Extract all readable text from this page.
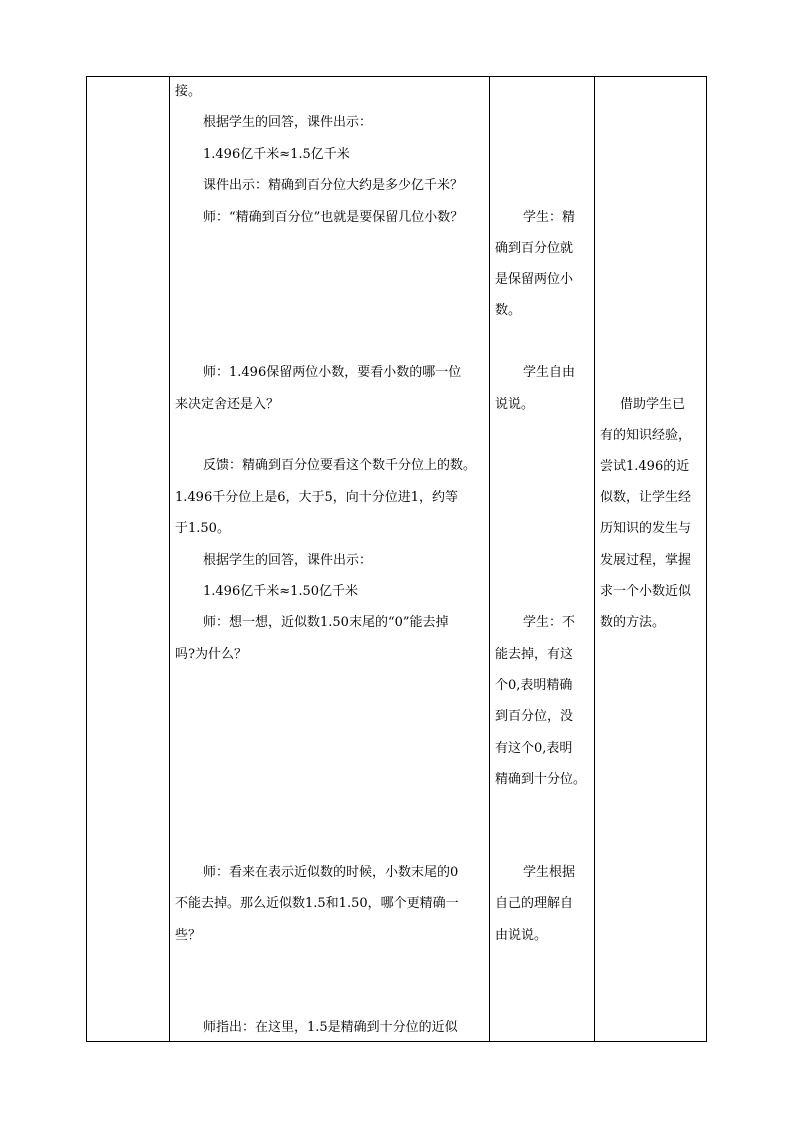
接。
根据学生的回答，课件出示：
1.496亿千米≈1.5亿千米
课件出示：精确到百分位大约是多少亿千米？
师：“精确到百分位”也就是要保留几位小数？
师：1.496保留两位小数，要看小数的哪一位
来决定舍还是入？
反馈：精确到百分位要看这个数千分位上的数。
1.496千分位上是6，大于5，向十分位进1，约等
于1.50。
根据学生的回答，课件出示：
1.496亿千米≈1.50亿千米
师：想一想，近似数1.50末尾的“0”能去掉
吗?为什么？
师：看来在表示近似数的时候，小数末尾的0
不能去掉。那么近似数1.5和1.50，哪个更精确一
些？
师指出：在这里，1.5是精确到十分位的近似
学生：精
确到百分位就
是保留两位小
数。
学生自由
说说。
学生：不
能去掉，有这
个0,表明精确
到百分位，没
有这个0,表明
精确到十分位。
学生根据
自己的理解自
由说说。
借助学生已
有的知识经验，
尝试1.496的近
似数，让学生经
历知识的发生与
发展过程，掌握
求一个小数近似
数的方法。
